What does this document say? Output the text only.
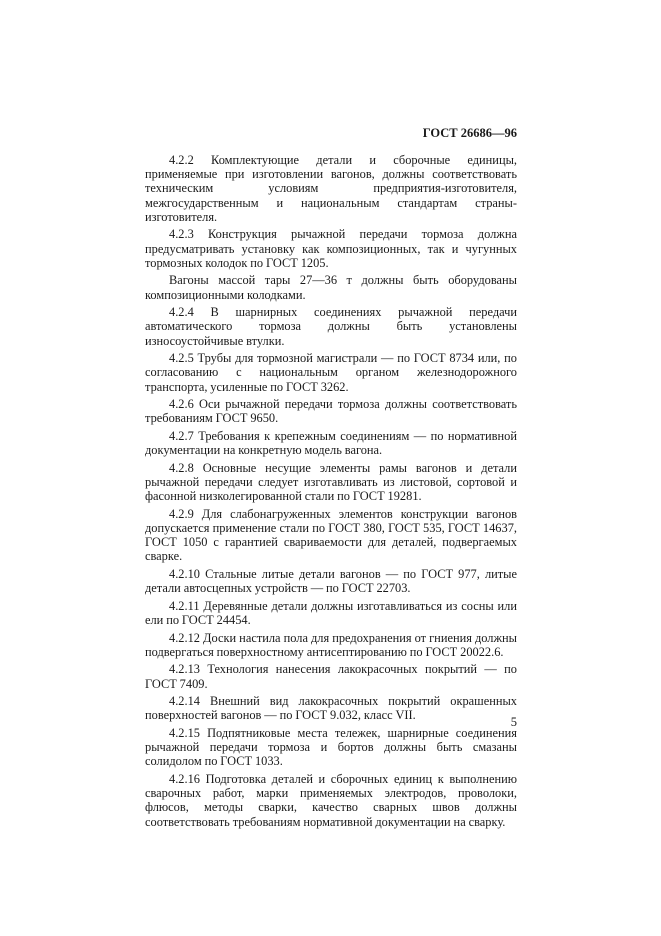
ГОСТ 26686—96

4.2.2 Комплектующие детали и сборочные единицы, применяемые при изготовлении вагонов, должны соответствовать техническим условиям предприятия-изготовителя, межгосударственным и национальным стандартам страны-изготовителя.

4.2.3 Конструкция рычажной передачи тормоза должна предусматривать установку как композиционных, так и чугунных тормозных колодок по ГОСТ 1205.

Вагоны массой тары 27—36 т должны быть оборудованы композиционными колодками.

4.2.4 В шарнирных соединениях рычажной передачи автоматического тормоза должны быть установлены износоустойчивые втулки.

4.2.5 Трубы для тормозной магистрали — по ГОСТ 8734 или, по согласованию с национальным органом железнодорожного транспорта, усиленные по ГОСТ 3262.

4.2.6 Оси рычажной передачи тормоза должны соответствовать требованиям ГОСТ 9650.

4.2.7 Требования к крепежным соединениям — по нормативной документации на конкретную модель вагона.

4.2.8 Основные несущие элементы рамы вагонов и детали рычажной передачи следует изготавливать из листовой, сортовой и фасонной низколегированной стали по ГОСТ 19281.

4.2.9 Для слабонагруженных элементов конструкции вагонов допускается применение стали по ГОСТ 380, ГОСТ 535, ГОСТ 14637, ГОСТ 1050 с гарантией свариваемости для деталей, подвергаемых сварке.

4.2.10 Стальные литые детали вагонов — по ГОСТ 977, литые детали автосцепных устройств — по ГОСТ 22703.

4.2.11 Деревянные детали должны изготавливаться из сосны или ели по ГОСТ 24454.

4.2.12 Доски настила пола для предохранения от гниения должны подвергаться поверхностному антисептированию по ГОСТ 20022.6.

4.2.13 Технология нанесения лакокрасочных покрытий — по ГОСТ 7409.

4.2.14 Внешний вид лакокрасочных покрытий окрашенных поверхностей вагонов — по ГОСТ 9.032, класс VII.

4.2.15 Подпятниковые места тележек, шарнирные соединения рычажной передачи тормоза и бортов должны быть смазаны солидолом по ГОСТ 1033.

4.2.16 Подготовка деталей и сборочных единиц к выполнению сварочных работ, марки применяемых электродов, проволоки, флюсов, методы сварки, качество сварных швов должны соответствовать требованиям нормативной документации на сварку.

5
